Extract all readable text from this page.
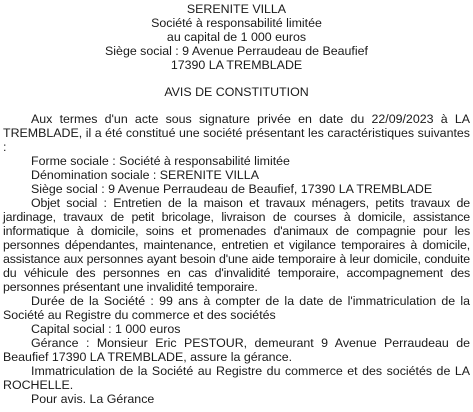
SERENITE VILLA
Société à responsabilité limitée
au capital de 1 000 euros
Siège social : 9 Avenue Perraudeau de Beaufief
17390 LA TREMBLADE
AVIS DE CONSTITUTION

Aux termes d'un acte sous signature privée en date du 22/09/2023 à LA TREMBLADE, il a été constitué une société présentant les caractéristiques suivantes :

Forme sociale : Société à responsabilité limitée

Dénomination sociale : SERENITE VILLA

Siège social : 9 Avenue Perraudeau de Beaufief, 17390 LA TREMBLADE

Objet social : Entretien de la maison et travaux ménagers, petits travaux de jardinage, travaux de petit bricolage, livraison de courses à domicile, assistance informatique à domicile, soins et promenades d'animaux de compagnie pour les personnes dépendantes, maintenance, entretien et vigilance temporaires à domicile, assistance aux personnes ayant besoin d'une aide temporaire à leur domicile, conduite du véhicule des personnes en cas d'invalidité temporaire, accompagnement des personnes présentant une invalidité temporaire.

Durée de la Société : 99 ans à compter de la date de l'immatriculation de la Société au Registre du commerce et des sociétés

Capital social : 1 000 euros

Gérance : Monsieur Eric PESTOUR, demeurant 9 Avenue Perraudeau de Beaufief 17390 LA TREMBLADE, assure la gérance.

Immatriculation de la Société au Registre du commerce et des sociétés de LA ROCHELLE.

Pour avis. La Gérance
